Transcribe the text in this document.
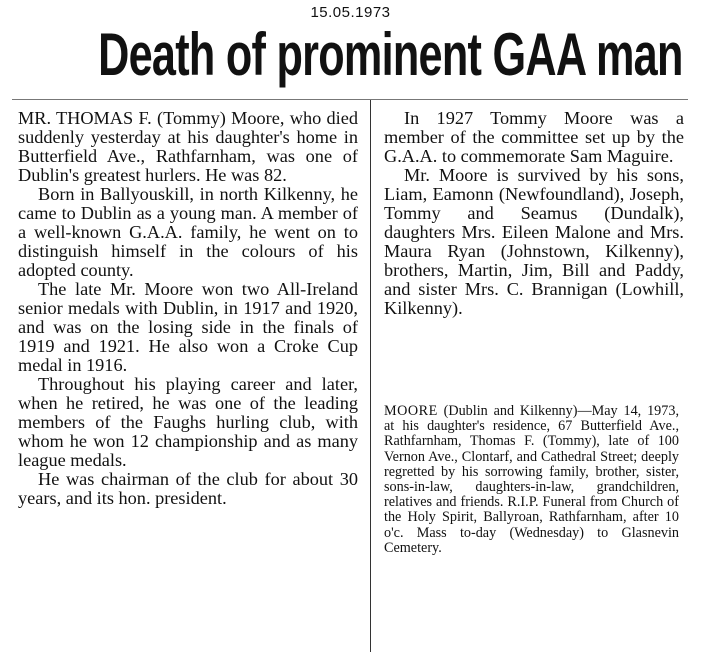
15.05.1973
Death of prominent GAA man

MR. THOMAS F. (Tommy) Moore, who died suddenly yesterday at his daughter's home in Butterfield Ave., Rathfarnham, was one of Dublin's greatest hurlers. He was 82.

Born in Ballyouskill, in north Kilkenny, he came to Dublin as a young man. A member of a well-known G.A.A. family, he went on to distinguish himself in the colours of his adopted county.

The late Mr. Moore won two All-Ireland senior medals with Dublin, in 1917 and 1920, and was on the losing side in the finals of 1919 and 1921. He also won a Croke Cup medal in 1916.

Throughout his playing career and later, when he retired, he was one of the leading members of the Faughs hurling club, with whom he won 12 championship and as many league medals.

He was chairman of the club for about 30 years, and its hon. president.

In 1927 Tommy Moore was a member of the committee set up by the G.A.A. to commemorate Sam Maguire.

Mr. Moore is survived by his sons, Liam, Eamonn (Newfoundland), Joseph, Tommy and Seamus (Dundalk), daughters Mrs. Eileen Malone and Mrs. Maura Ryan (Johnstown, Kilkenny), brothers, Martin, Jim, Bill and Paddy, and sister Mrs. C. Brannigan (Lowhill, Kilkenny).

MOORE (Dublin and Kilkenny)—May 14, 1973, at his daughter's residence, 67 Butterfield Ave., Rathfarnham, Thomas F. (Tommy), late of 100 Vernon Ave., Clontarf, and Cathedral Street; deeply regretted by his sorrowing family, brother, sister, sons-in-law, daughters-in-law, grandchildren, relatives and friends. R.I.P. Funeral from Church of the Holy Spirit, Ballyroan, Rathfarnham, after 10 o'c. Mass to-day (Wednesday) to Glasnevin Cemetery.
